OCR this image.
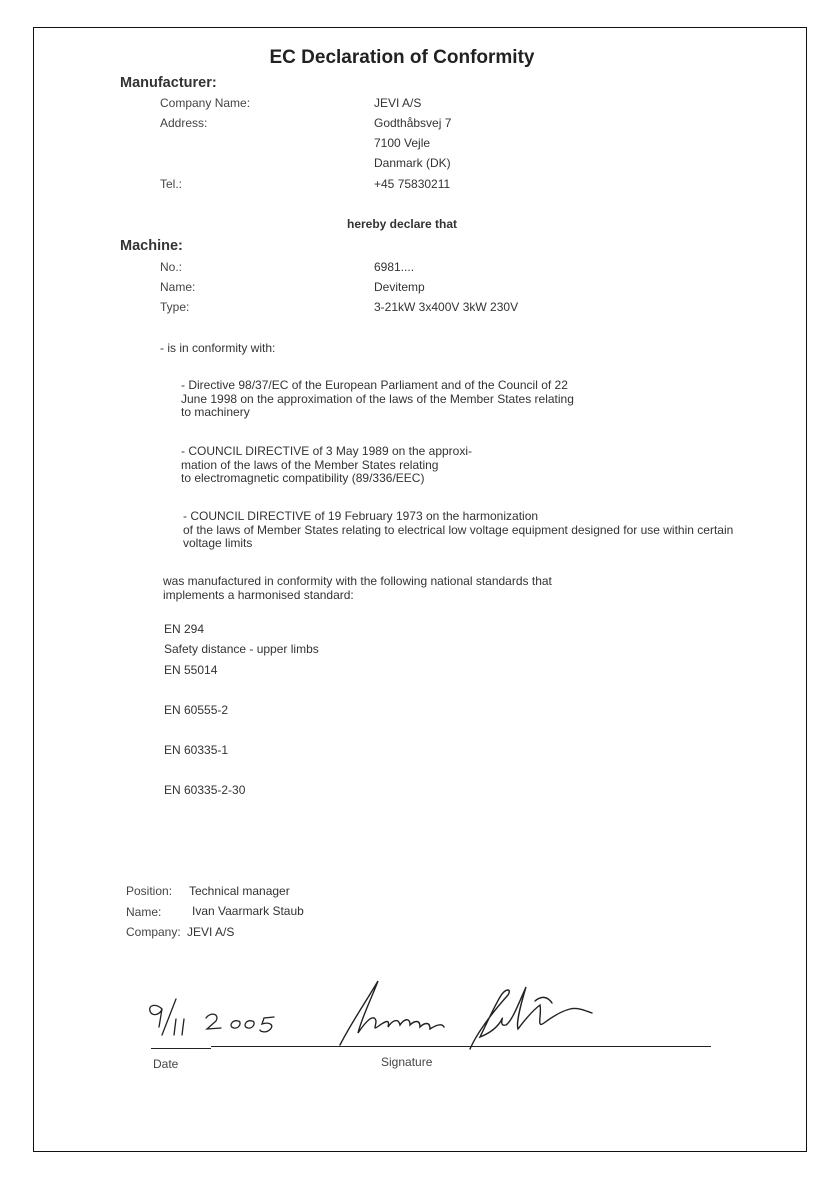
EC Declaration of Conformity
Manufacturer:
Company Name:	JEVI A/S
Address:	Godthåbsvej 7
7100 Vejle
Danmark (DK)
Tel.:	+45 75830211
hereby declare that
Machine:
No.:	6981....
Name:	Devitemp
Type:	3-21kW 3x400V 3kW 230V
- is in conformity with:
- Directive 98/37/EC of the European Parliament and of the Council of 22
June 1998 on the approximation of the laws of the Member States relating
to machinery
- COUNCIL DIRECTIVE of 3 May 1989 on the approxi-
mation of the laws of the Member States relating
to electromagnetic compatibility (89/336/EEC)
- COUNCIL DIRECTIVE of 19 February 1973 on the harmonization
of the laws of Member States relating to electrical low voltage equipment designed for use within certain
voltage limits
was manufactured in conformity with the following national standards that
implements a harmonised standard:
EN 294
Safety distance - upper limbs
EN 55014
EN 60555-2
EN 60335-1
EN 60335-2-30
Position: Technical manager
Name:	Ivan Vaarmark Staub
Company: JEVI A/S
Date	Signature
